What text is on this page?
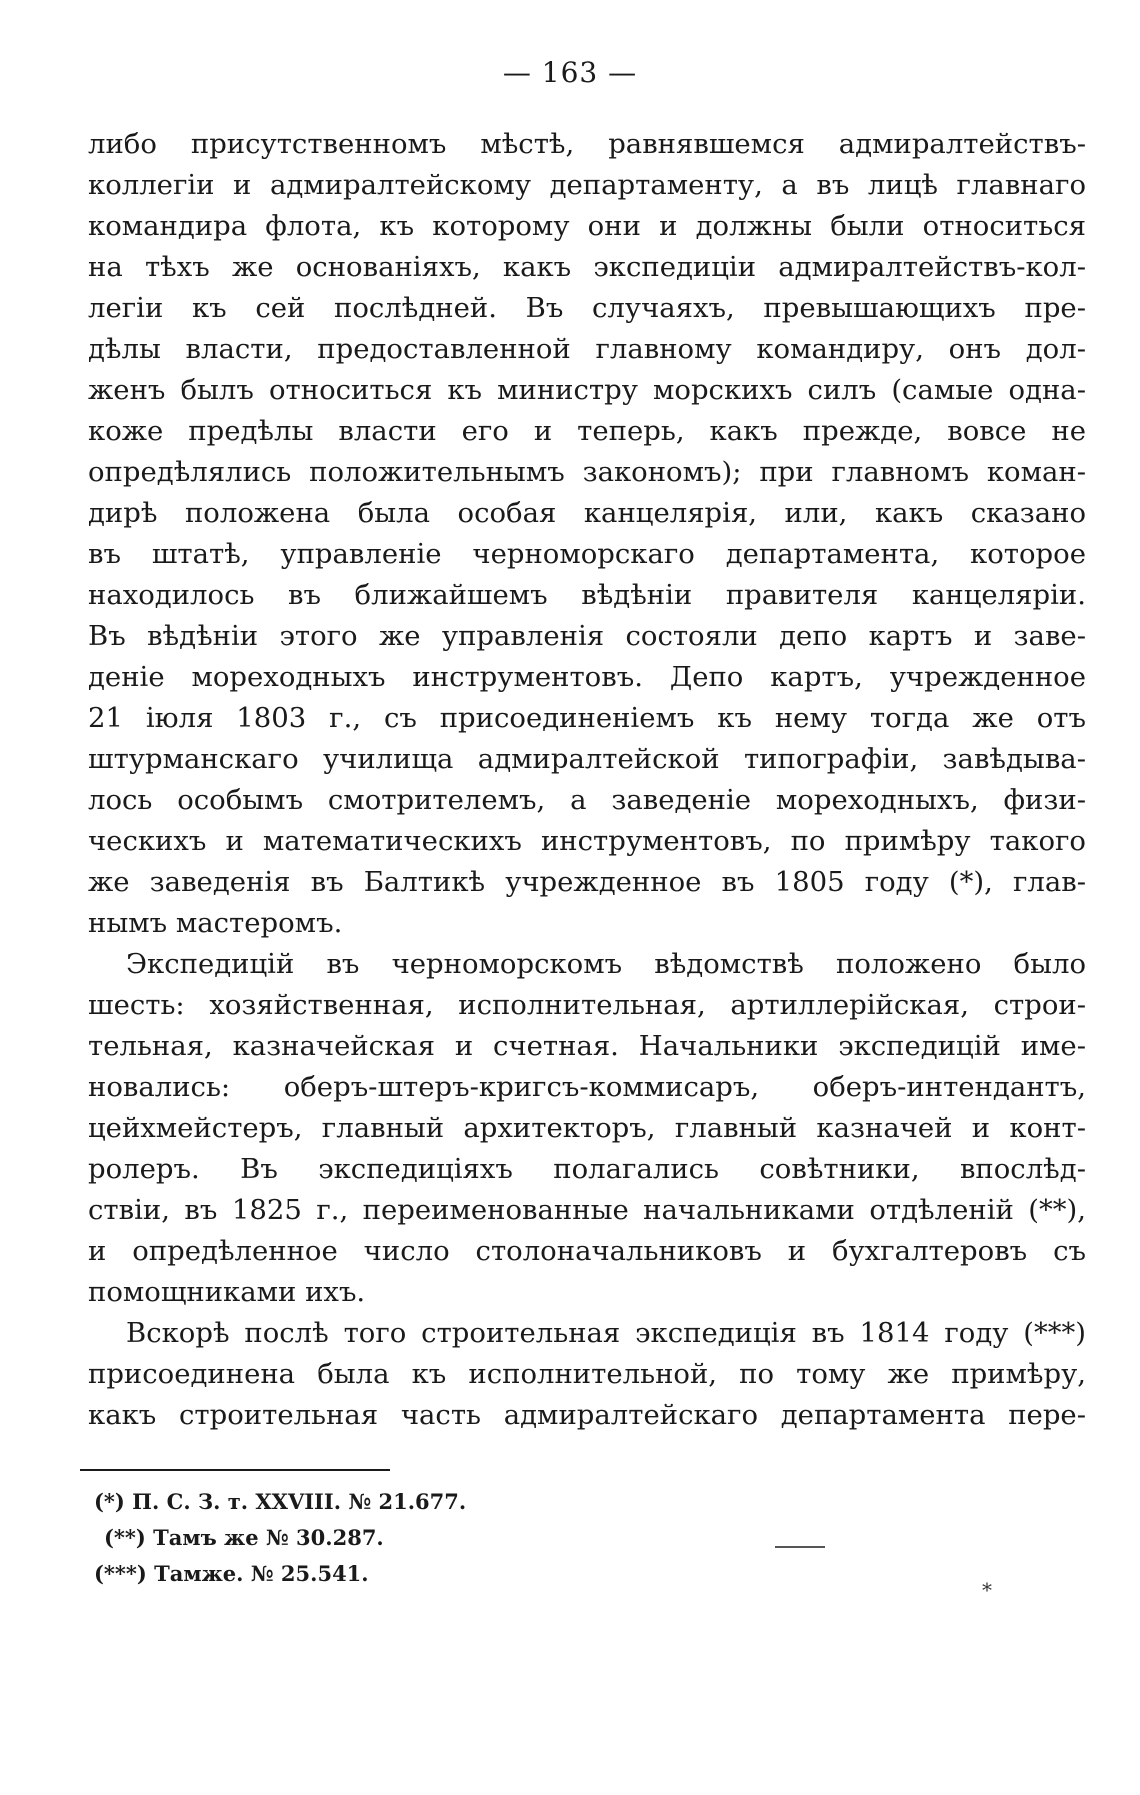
— 163 —
либо присутственномъ мѣстѣ, равнявшемся адмиралтействъ-
коллегіи и адмиралтейскому департаменту, а въ лицѣ главнаго
командира флота, къ которому они и должны были относиться
на тѣхъ же основаніяхъ, какъ экспедиціи адмиралтействъ-кол-
легіи къ сей послѣдней. Въ случаяхъ, превышающихъ пре-
дѣлы власти, предоставленной главному командиру, онъ дол-
женъ былъ относиться къ министру морскихъ силъ (самые одна-
коже предѣлы власти его и теперь, какъ прежде, вовсе не
опредѣлялись положительнымъ закономъ); при главномъ коман-
дирѣ положена была особая канцелярія, или, какъ сказано
въ штатѣ, управленіе черноморскаго департамента, которое
находилось въ ближайшемъ вѣдѣніи правителя канцеляріи.
Въ вѣдѣніи этого же управленія состояли депо картъ и заве-
деніе мореходныхъ инструментовъ. Депо картъ, учрежденное
21 іюля 1803 г., съ присоединеніемъ къ нему тогда же отъ
штурманскаго училища адмиралтейской типографіи, завѣдыва-
лось особымъ смотрителемъ, а заведеніе мореходныхъ, физи-
ческихъ и математическихъ инструментовъ, по примѣру такого
же заведенія въ Балтикѣ учрежденное въ 1805 году (*), глав-
нымъ мастеромъ.
Экспедицій въ черноморскомъ вѣдомствѣ положено было
шесть: хозяйственная, исполнительная, артиллерійская, строи-
тельная, казначейская и счетная. Начальники экспедицій име-
новались: оберъ-штеръ-кригсъ-коммисаръ, оберъ-интендантъ,
цейхмейстеръ, главный архитекторъ, главный казначей и конт-
ролеръ. Въ экспедиціяхъ полагались совѣтники, впослѣд-
ствіи, въ 1825 г., переименованные начальниками отдѣленій (**),
и опредѣленное число столоначальниковъ и бухгалтеровъ съ
помощниками ихъ.
Вскорѣ послѣ того строительная экспедиція въ 1814 году (***)
присоединена была къ исполнительной, по тому же примѣру,
какъ строительная часть адмиралтейскаго департамента пере-
(*) П. С. З. т. XXVIII. № 21.677.
(**) Тамъ же № 30.287.
(***) Тамже. № 25.541.
*
